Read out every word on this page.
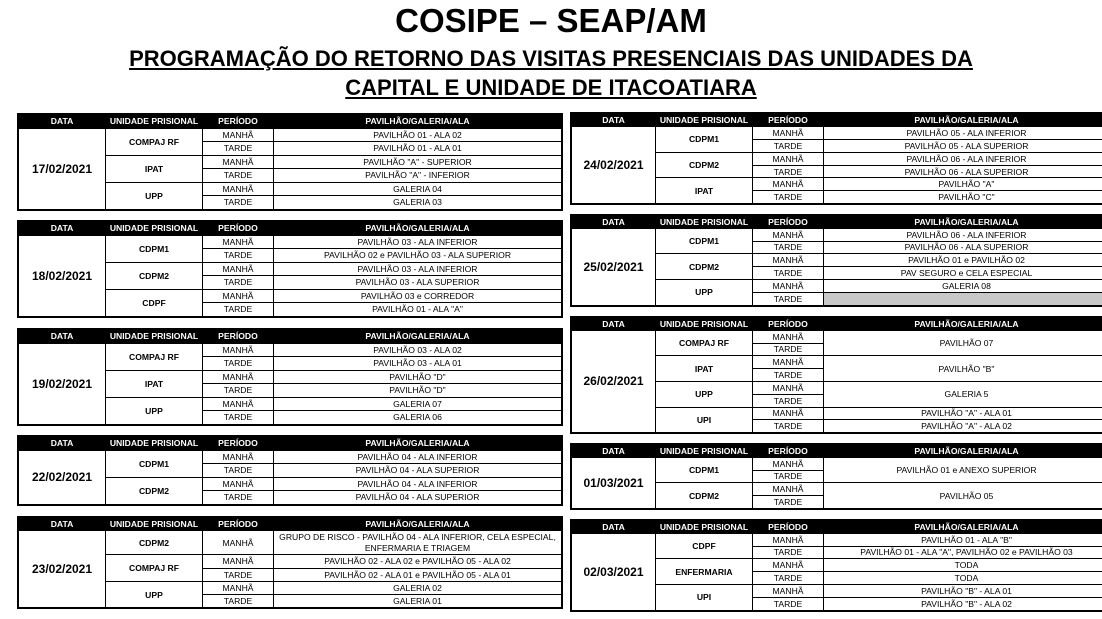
COSIPE – SEAP/AM
PROGRAMAÇÃO DO RETORNO DAS VISITAS PRESENCIAIS DAS UNIDADES DA
CAPITAL E UNIDADE DE ITACOATIARA
DATA	UNIDADE PRISIONAL	PERÍODO	PAVILHÃO/GALERIA/ALA
17/02/2021	COMPAJ RF	MANHÃ	PAVILHÃO 01 - ALA 02
		TARDE	PAVILHÃO 01 - ALA 01
	IPAT	MANHÃ	PAVILHÃO "A" - SUPERIOR
		TARDE	PAVILHÃO "A" - INFERIOR
	UPP	MANHÃ	GALERIA 04
		TARDE	GALERIA 03
DATA	UNIDADE PRISIONAL	PERÍODO	PAVILHÃO/GALERIA/ALA
18/02/2021	CDPM1	MANHÃ	PAVILHÃO 03 - ALA INFERIOR
		TARDE	PAVILHÃO 02 e PAVILHÃO 03 - ALA SUPERIOR
	CDPM2	MANHÃ	PAVILHÃO 03 - ALA INFERIOR
		TARDE	PAVILHÃO 03 - ALA SUPERIOR
	CDPF	MANHÃ	PAVILHÃO 03 e CORREDOR
		TARDE	PAVILHÃO 01 - ALA "A"
DATA	UNIDADE PRISIONAL	PERÍODO	PAVILHÃO/GALERIA/ALA
19/02/2021	COMPAJ RF	MANHÃ	PAVILHÃO 03 - ALA 02
		TARDE	PAVILHÃO 03 - ALA 01
	IPAT	MANHÃ	PAVILHÃO "D"
		TARDE	PAVILHÃO "D"
	UPP	MANHÃ	GALERIA 07
		TARDE	GALERIA 06
DATA	UNIDADE PRISIONAL	PERÍODO	PAVILHÃO/GALERIA/ALA
22/02/2021	CDPM1	MANHÃ	PAVILHÃO 04 - ALA INFERIOR
		TARDE	PAVILHÃO 04 - ALA SUPERIOR
	CDPM2	MANHÃ	PAVILHÃO 04 - ALA INFERIOR
		TARDE	PAVILHÃO 04 - ALA SUPERIOR
DATA	UNIDADE PRISIONAL	PERÍODO	PAVILHÃO/GALERIA/ALA
23/02/2021	CDPM2	MANHÃ	GRUPO DE RISCO - PAVILHÃO 04 - ALA INFERIOR, CELA ESPECIAL, ENFERMARIA E TRIAGEM
	COMPAJ RF	MANHÃ	PAVILHÃO 02 - ALA 02 e PAVILHÃO 05 - ALA 02
		TARDE	PAVILHÃO 02 - ALA 01 e PAVILHÃO 05 - ALA 01
	UPP	MANHÃ	GALERIA 02
		TARDE	GALERIA 01
DATA	UNIDADE PRISIONAL	PERÍODO	PAVILHÃO/GALERIA/ALA
24/02/2021	CDPM1	MANHÃ	PAVILHÃO 05 - ALA INFERIOR
		TARDE	PAVILHÃO 05 - ALA SUPERIOR
	CDPM2	MANHÃ	PAVILHÃO 06 - ALA INFERIOR
		TARDE	PAVILHÃO 06 - ALA SUPERIOR
	IPAT	MANHÃ	PAVILHÃO "A"
		TARDE	PAVILHÃO "C"
DATA	UNIDADE PRISIONAL	PERÍODO	PAVILHÃO/GALERIA/ALA
25/02/2021	CDPM1	MANHÃ	PAVILHÃO 06 - ALA INFERIOR
		TARDE	PAVILHÃO 06 - ALA SUPERIOR
	CDPM2	MANHÃ	PAVILHÃO 01 e PAVILHÃO 02
		TARDE	PAV SEGURO e CELA ESPECIAL
	UPP	MANHÃ	GALERIA 08
		TARDE	
DATA	UNIDADE PRISIONAL	PERÍODO	PAVILHÃO/GALERIA/ALA
26/02/2021	COMPAJ RF	MANHÃ	PAVILHÃO 07
		TARDE	
	IPAT	MANHÃ	PAVILHÃO "B"
		TARDE	
	UPP	MANHÃ	GALERIA 5
		TARDE	
	UPI	MANHÃ	PAVILHÃO "A" - ALA 01
		TARDE	PAVILHÃO "A" - ALA 02
DATA	UNIDADE PRISIONAL	PERÍODO	PAVILHÃO/GALERIA/ALA
01/03/2021	CDPM1	MANHÃ	PAVILHÃO 01 e ANEXO SUPERIOR
		TARDE	
	CDPM2	MANHÃ	PAVILHÃO 05
		TARDE	
DATA	UNIDADE PRISIONAL	PERÍODO	PAVILHÃO/GALERIA/ALA
02/03/2021	CDPF	MANHÃ	PAVILHÃO 01 - ALA "B"
		TARDE	PAVILHÃO 01 - ALA "A", PAVILHÃO 02 e PAVILHÃO 03
	ENFERMARIA	MANHÃ	TODA
		TARDE	TODA
	UPI	MANHÃ	PAVILHÃO "B" - ALA 01
		TARDE	PAVILHÃO "B" - ALA 02
